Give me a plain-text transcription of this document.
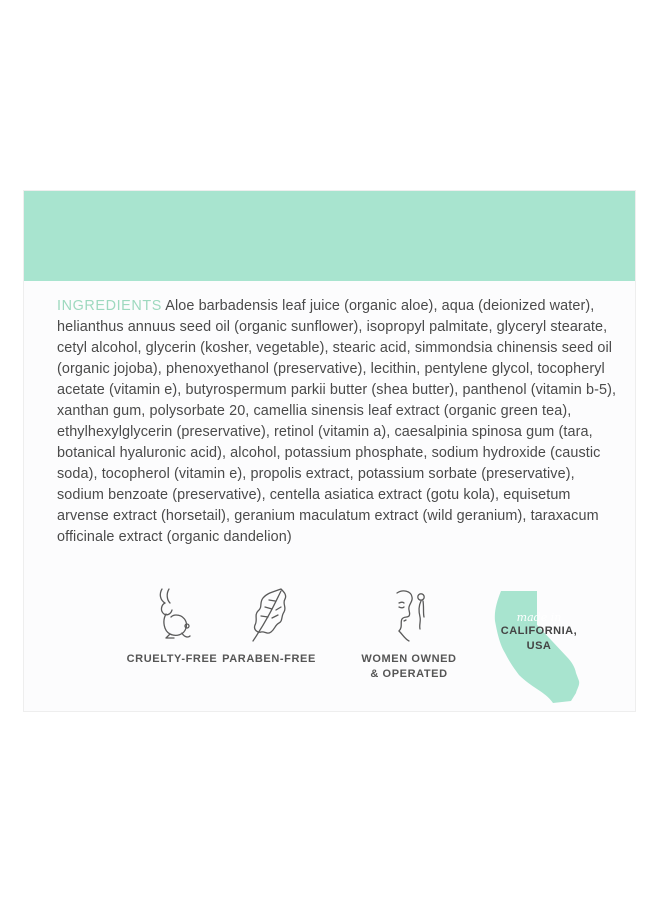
INGREDIENTS Aloe barbadensis leaf juice (organic aloe), aqua (deionized water), helianthus annuus seed oil (organic sunflower), isopropyl palmitate, glyceryl stearate, cetyl alcohol, glycerin (kosher, vegetable), stearic acid, simmondsia chinensis seed oil (organic jojoba), phenoxyethanol (preservative), lecithin, pentylene glycol, tocopheryl acetate (vitamin e), butyrospermum parkii butter (shea butter), panthenol (vitamin b-5), xanthan gum, polysorbate 20, camellia sinensis leaf extract (organic green tea), ethylhexylglycerin (preservative), retinol (vitamin a), caesalpinia spinosa gum (tara, botanical hyaluronic acid), alcohol, potassium phosphate, sodium hydroxide (caustic soda), tocopherol (vitamin e), propolis extract, potassium sorbate (preservative), sodium benzoate (preservative), centella asiatica extract (gotu kola), equisetum arvense extract (horsetail), geranium maculatum extract (wild geranium), taraxacum officinale extract (organic dandelion)

CRUELTY-FREE PARABEN-FREE	WOMEN OWNED
& OPERATED
made in
CALIFORNIA,
USA
